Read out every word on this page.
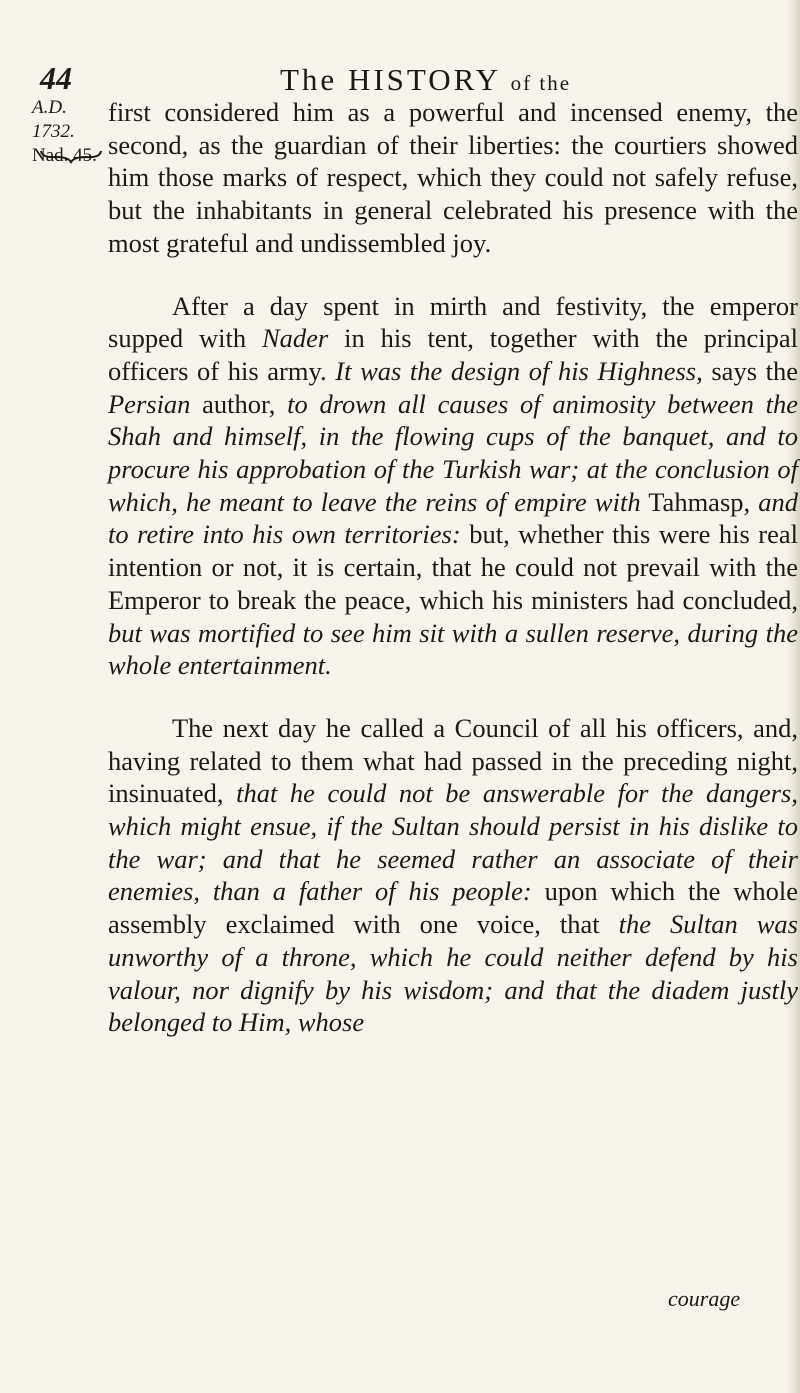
44	The HISTORY of the
A.D. 1732.
Nad. 45.

first considered him as a powerful and incensed enemy, the second, as the guardian of their liberties: the courtiers showed him those marks of respect, which they could not safely refuse, but the inhabitants in general celebrated his presence with the most grateful and undissembled joy.

After a day spent in mirth and festivity, the emperor supped with Nader in his tent, together with the principal officers of his army. It was the design of his Highness, says the Persian author, to drown all causes of animosity between the Shah and himself, in the flowing cups of the banquet, and to procure his approbation of the Turkish war; at the conclusion of which, he meant to leave the reins of empire with Tahmasp, and to retire into his own territories: but, whether this were his real intention or not, it is certain, that he could not prevail with the Emperor to break the peace, which his ministers had concluded, but was mortified to see him sit with a sullen reserve, during the whole entertainment.

The next day he called a Council of all his officers, and, having related to them what had passed in the preceding night, insinuated, that he could not be answerable for the dangers, which might ensue, if the Sultan should persist in his dislike to the war; and that he seemed rather an associate of their enemies, than a father of his people: upon which the whole assembly exclaimed with one voice, that the Sultan was unworthy of a throne, which he could neither defend by his valour, nor dignify by his wisdom; and that the diadem justly belonged to Him, whose

courage
